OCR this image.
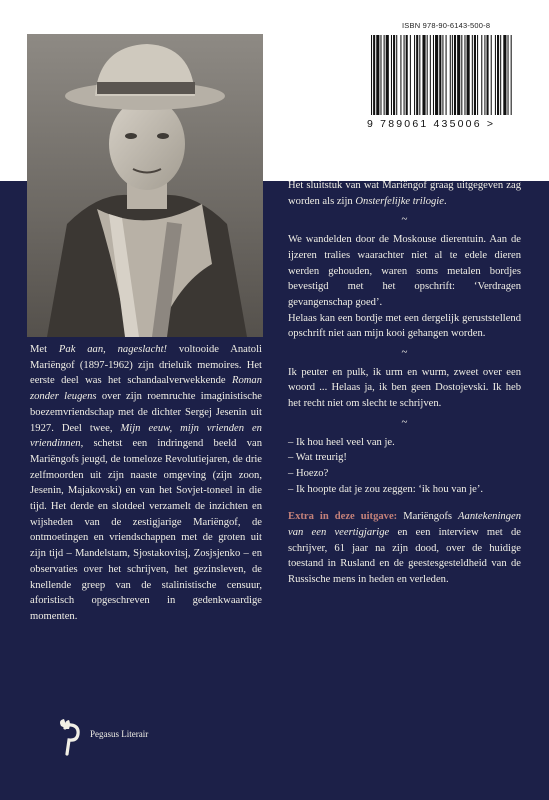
ISBN 978-90-6143-500-8
9 789061 435006 >

Met Pak aan, nageslacht! voltooide Anatoli Mariëngof (1897-1962) zijn drieluik memoires. Het eerste deel was het schandaalverwekkende Roman zonder leugens over zijn roemruchte imaginistische boezemvriendschap met de dichter Sergej Jesenin uit 1927. Deel twee, Mijn eeuw, mijn vrienden en vriendinnen, schetst een indringend beeld van Mariëngofs jeugd, de tomeloze Revolutiejaren, de drie zelfmoorden uit zijn naaste omgeving (zijn zoon, Jesenin, Majakovski) en van het Sovjet-toneel in die tijd. Het derde en slotdeel verzamelt de inzichten en wijsheden van de zestigjarige Mariëngof, de ontmoetingen en vriendschappen met de groten uit zijn tijd – Mandelstam, Sjostakovitsj, Zosjsjenko – en observaties over het schrijven, het gezinsleven, de knellende greep van de stalinistische censuur, aforistisch opgeschreven in gedenkwaardige momenten.

Het sluitstuk van wat Mariëngof graag uitgegeven zag worden als zijn Onsterfelijke trilogie.

~

We wandelden door de Moskouse dierentuin. Aan de ijzeren tralies waarachter niet al te edele dieren werden gehouden, waren soms metalen bordjes bevestigd met het opschrift: ‘Verdragen gevangenschap goed’.

Helaas kan een bordje met een dergelijk geruststellend opschrift niet aan mijn kooi gehangen worden.

~

Ik peuter en pulk, ik urm en wurm, zweet over een woord ... Helaas ja, ik ben geen Dostojevski. Ik heb het recht niet om slecht te schrijven.

~

– Ik hou heel veel van je.

– Wat treurig!

– Hoezo?

– Ik hoopte dat je zou zeggen: ‘ik hou van je’.

Extra in deze uitgave: Mariëngofs Aantekeningen van een veertigjarige en een interview met de schrijver, 61 jaar na zijn dood, over de huidige toestand in Rusland en de geestesgesteldheid van de Russische mens in heden en verleden.

Pegasus Literair
